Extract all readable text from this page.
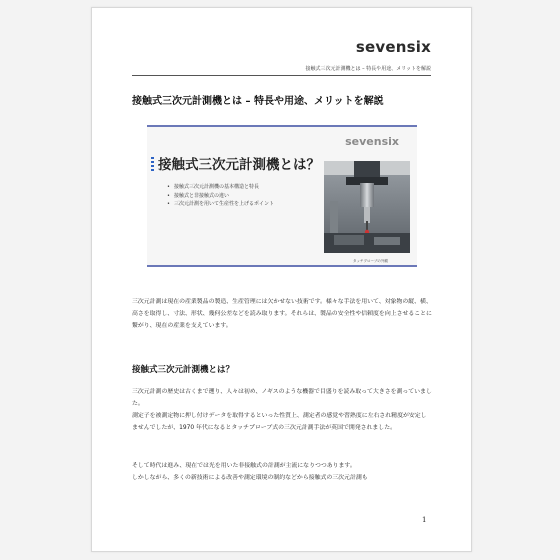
sevensix
接触式三次元計測機とは – 特長や用途、メリットを解説
接触式三次元計測機とは – 特長や用途、メリットを解説
sevensix
接触式三次元計測機とは？
• 接触式三次元計測機の基本構造と特長
• 接触式と非接触式の違い
• 三次元計測を用いて生産性を上げるポイント
タッチプローブの外観

三次元計測は現在の産業製品の製造、生産管理には欠かせない技術です。様々な手法を用いて、対象物の縦、横、高さを取得し、寸法、形状、幾何公差などを読み取ります。それらは、製品の安全性や信頼度を向上させることに繋がり、現在の産業を支えています。

接触式三次元計測機とは？

三次元計測の歴史は古くまで遡り、人々は初め、ノギスのような機器で目盛りを読み取って大きさを測っていました。

測定子を被測定物に押し付けデータを取得するといった性質上、測定者の感覚や習熟度に左右され精度が安定しませんでしたが、1970 年代になるとタッチプローブ式の三次元計測手法が英国で開発されました。

そして時代は進み、現在では光を用いた非接触式の計測が主流になりつつあります。

しかしながら、多くの新技術による改善や測定環境の制約などから接触式の三次元計測も

1
